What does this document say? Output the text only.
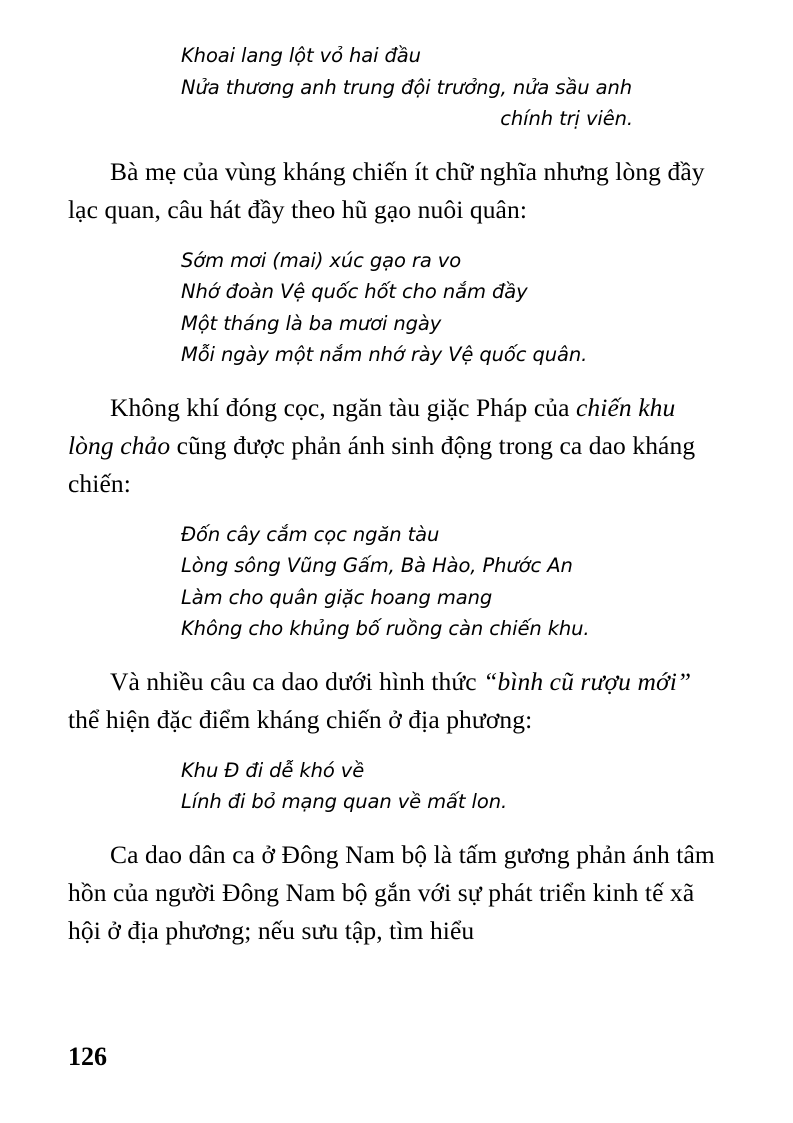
Khoai lang lột vỏ hai đầu
Nửa thương anh trung đội trưởng, nửa sầu anh
chính trị viên.

Bà mẹ của vùng kháng chiến ít chữ nghĩa nhưng lòng đầy lạc quan, câu hát đầy theo hũ gạo nuôi quân:

Sớm mơi (mai) xúc gạo ra vo
Nhớ đoàn Vệ quốc hốt cho nắm đầy
Một tháng là ba mươi ngày
Mỗi ngày một nắm nhớ rày Vệ quốc quân.

Không khí đóng cọc, ngăn tàu giặc Pháp của chiến khu lòng chảo cũng được phản ánh sinh động trong ca dao kháng chiến:

Đốn cây cắm cọc ngăn tàu
Lòng sông Vũng Gấm, Bà Hào, Phước An
Làm cho quân giặc hoang mang
Không cho khủng bố ruồng càn chiến khu.

Và nhiều câu ca dao dưới hình thức “bình cũ rượu mới” thể hiện đặc điểm kháng chiến ở địa phương:

Khu Đ đi dễ khó về
Lính đi bỏ mạng quan về mất lon.

Ca dao dân ca ở Đông Nam bộ là tấm gương phản ánh tâm hồn của người Đông Nam bộ gắn với sự phát triển kinh tế xã hội ở địa phương; nếu sưu tập, tìm hiểu

126
